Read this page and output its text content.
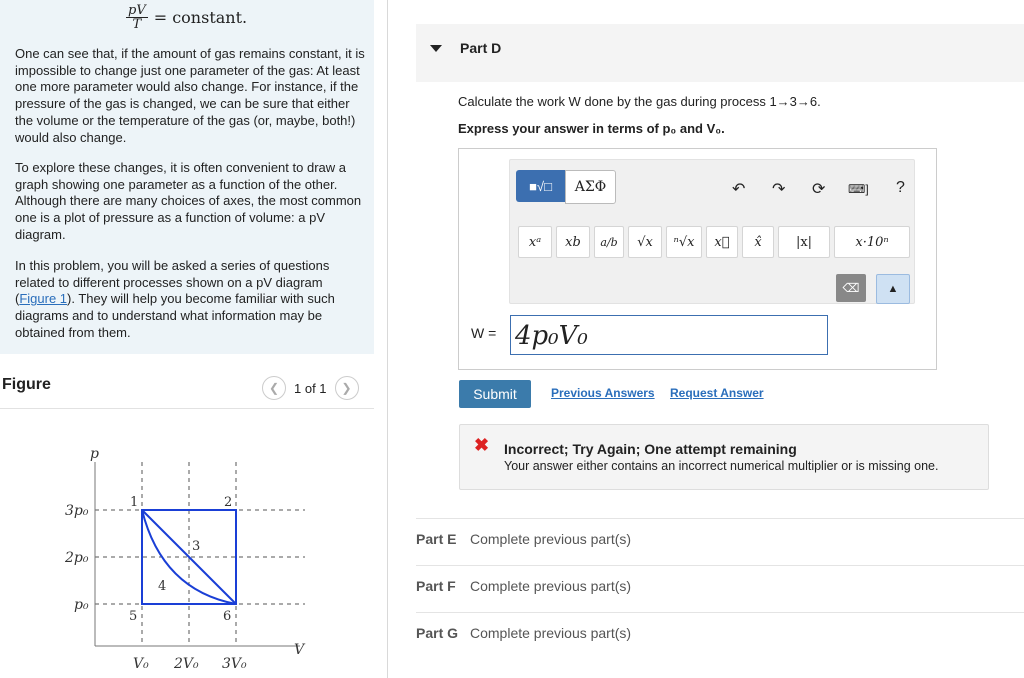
$\frac{pV}{T}$ = constant.
One can see that, if the amount of gas remains constant, it is impossible to change just one parameter of the gas: At least one more parameter would also change. For instance, if the pressure of the gas is changed, we can be sure that either the volume or the temperature of the gas (or, maybe, both!) would also change.
To explore these changes, it is often convenient to draw a graph showing one parameter as a function of the other. Although there are many choices of axes, the most common one is a plot of pressure as a function of volume: a pV diagram.
In this problem, you will be asked a series of questions related to different processes shown on a pV diagram (Figure 1). They will help you become familiar with such diagrams and to understand what information may be obtained from them.
Figure	❮	1 of 1	❯
p
V
3p₀
2p₀
p₀
V₀ 2V₀ 3V₀
1	2
3
4
5	6
Part D
Calculate the work W done by the gas during process 1→3→6.
Express your answer in terms of p₀ and V₀.
■√□	ΑΣΦ	↶ ↷ ⟳ ⌨] ?
xᵃ	xb	a/b	√x	ⁿ√x	x⃗	x̂	|x|	x·10ⁿ
⌫	▲
W = 4p₀V₀
Submit	Previous Answers Request Answer
✖ Incorrect; Try Again; One attempt remaining
Your answer either contains an incorrect numerical multiplier or is missing one.
Part E Complete previous part(s)
Part F Complete previous part(s)
Part G Complete previous part(s)
